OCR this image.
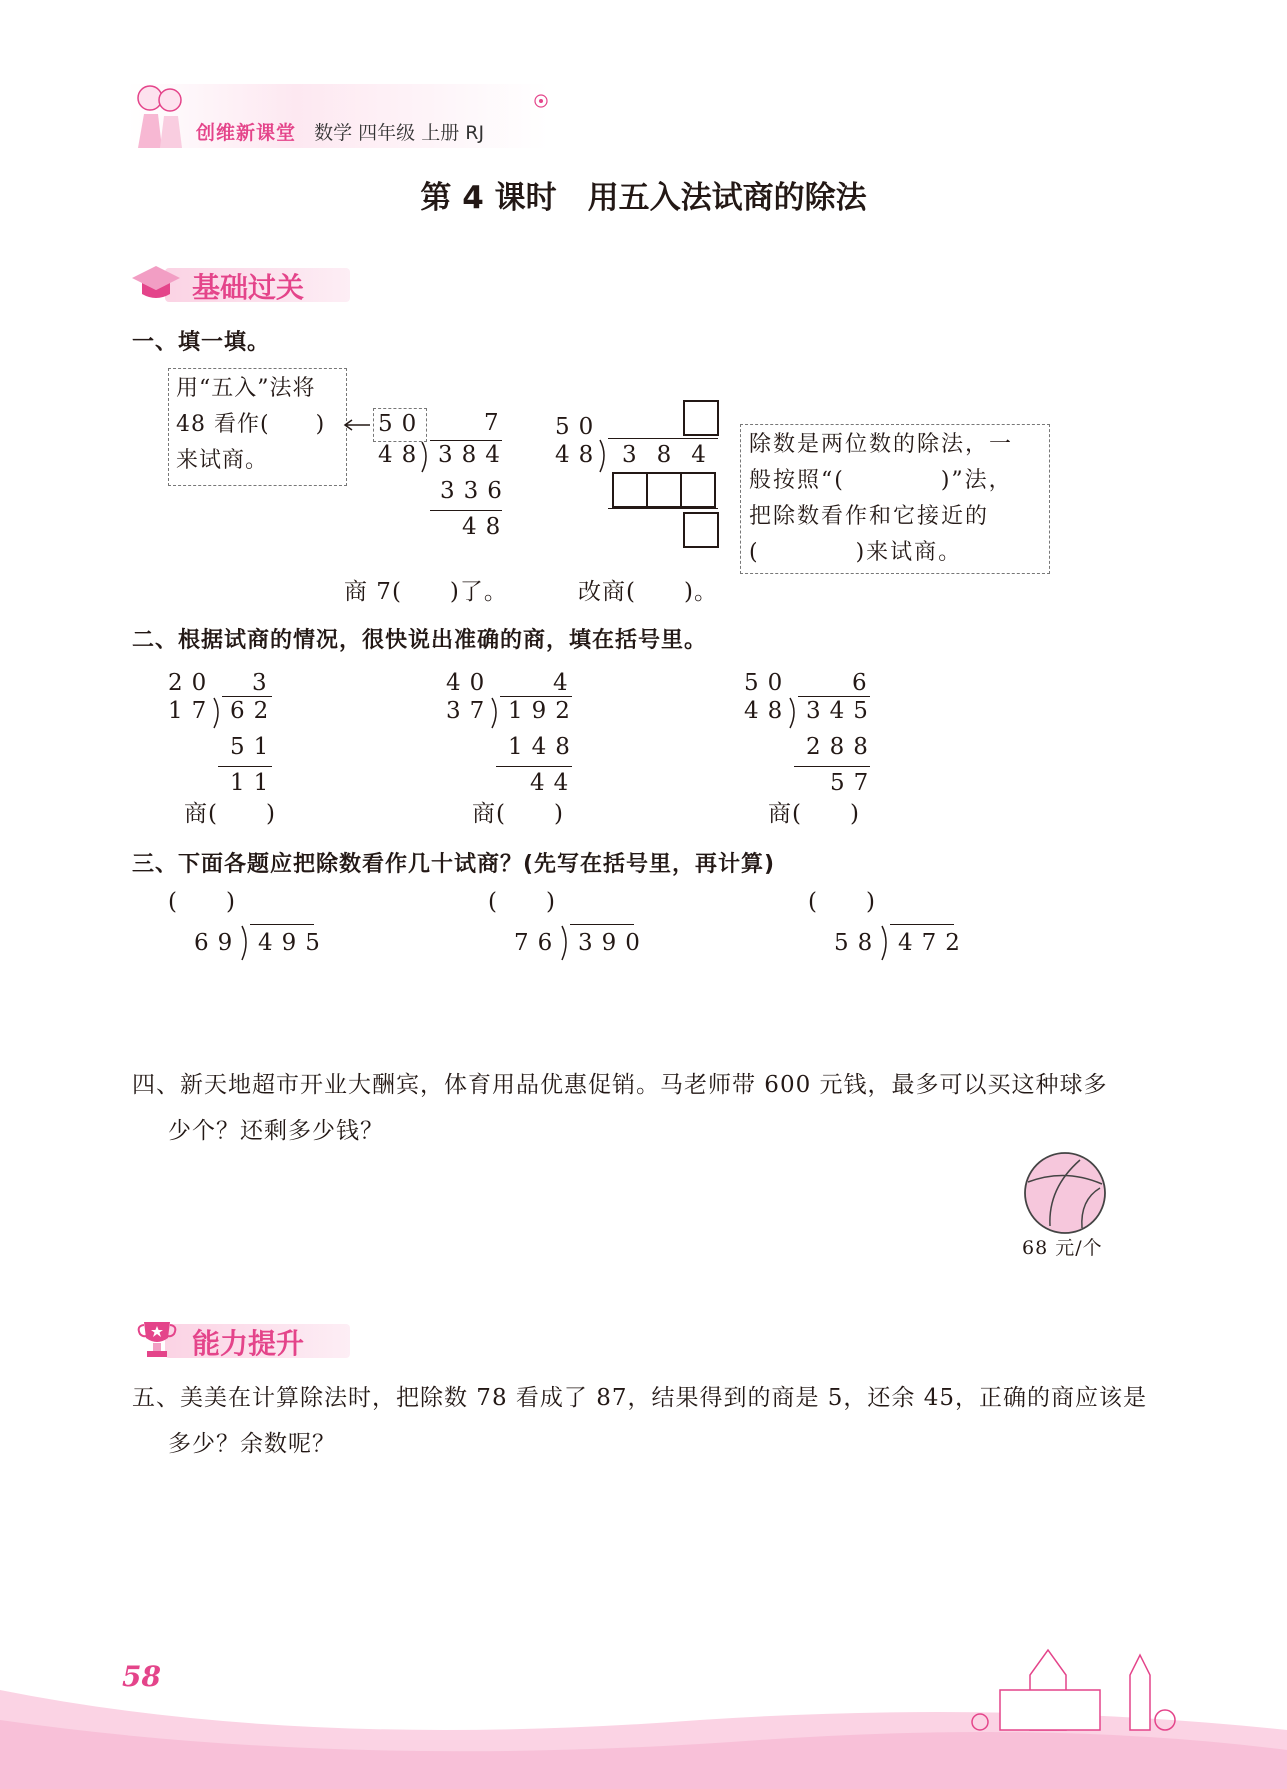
创维新课堂 数学 四年级 上册 RJ
第 4 课时　用五入法试商的除法
基础过关
一、填一填。
用“五入”法将
48 看作(　　)
来试商。
50	7
48 384
336
48
50
48 384 除数是两位数的除法，一
般按照“(　　　　)”法，
把除数看作和它接近的
(　　　　)来试商。
商 7(　　)了。	改商(　　)。
二、根据试商的情况，很快说出准确的商，填在括号里。
20 3
17 62
51
11
商(　　)
40	4
37 192
148
44
商(　　)
50	6
48 345
288
57
商(　　)
三、下面各题应把除数看作几十试商？(先写在括号里，再计算)
(　　)
69 495
(　　)
76 390
(　　)
58 472
四、新天地超市开业大酬宾，体育用品优惠促销。马老师带 600 元钱，最多可以买这种球多
少个？还剩多少钱？
68 元/个
能力提升
五、美美在计算除法时，把除数 78 看成了 87，结果得到的商是 5，还余 45，正确的商应该是
多少？余数呢？
58
